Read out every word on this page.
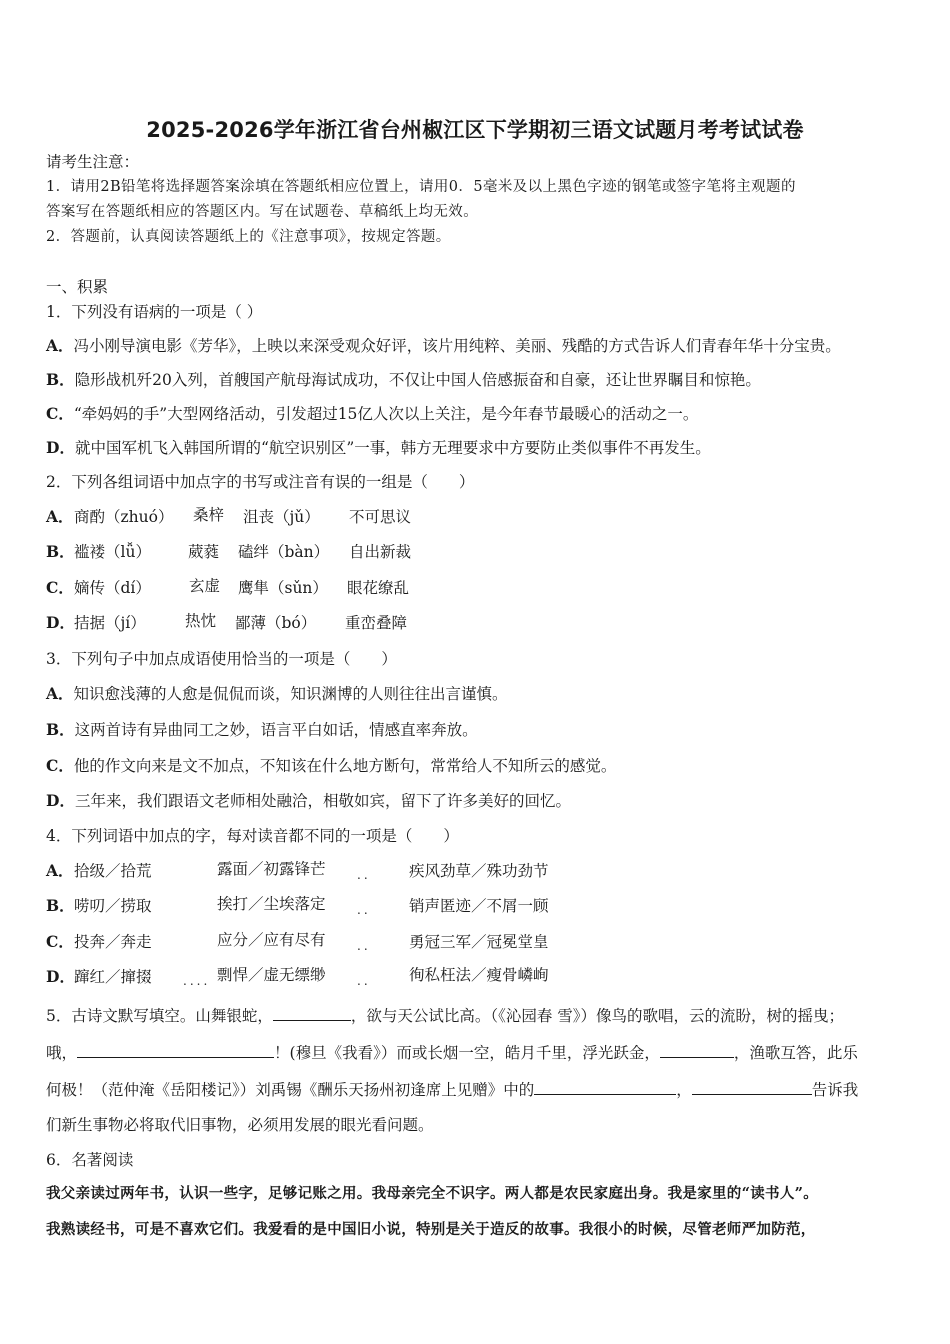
2025-2026学年浙江省台州椒江区下学期初三语文试题月考考试试卷
请考生注意：
1．请用2B铅笔将选择题答案涂填在答题纸相应位置上，请用0．5毫米及以上黑色字迹的钢笔或签字笔将主观题的
答案写在答题纸相应的答题区内。写在试题卷、草稿纸上均无效。
2．答题前，认真阅读答题纸上的《注意事项》，按规定答题。
一、积累
1．下列没有语病的一项是（ ）
A．冯小刚导演电影《芳华》，上映以来深受观众好评，该片用纯粹、美丽、残酷的方式告诉人们青春年华十分宝贵。
B．隐形战机歼20入列，首艘国产航母海试成功，不仅让中国人倍感振奋和自豪，还让世界瞩目和惊艳。
C．“牵妈妈的手”大型网络活动，引发超过15亿人次以上关注，是今年春节最暖心的活动之一。
D．就中国军机飞入韩国所谓的“航空识别区”一事，韩方无理要求中方要防止类似事件不再发生。
2．下列各组词语中加点字的书写或注音有误的一组是（　　）
A． 商酌（zhuó） 桑梓 沮丧（jǔ） 不可思议
B． 褴褛（lǚ） 葳蕤 磕绊（bàn） 自出新裁
C． 嫡传（dí） 玄虚 鹰隼（sǔn） 眼花缭乱
D． 拮据（jí）	热忱 鄙薄（bó） 重峦叠障
3．下列句子中加点成语使用恰当的一项是（　　）
A．知识愈浅薄的人愈是侃侃而谈，知识渊博的人则往往出言谨慎。
B．这两首诗有异曲同工之妙，语言平白如话，情感直率奔放。
C．他的作文向来是文不加点，不知该在什么地方断句，常常给人不知所云的感觉。
D．三年来，我们跟语文老师相处融洽，相敬如宾，留下了许多美好的回忆。
4．下列词语中加点的字，每对读音都不同的一项是（　　）
A． 拾级／拾荒	露面／初露锋芒	.. 疾风劲草／殊功劲节
B． 唠叨／捞取	挨打／尘埃落定	.. 销声匿迹／不屑一顾
C． 投奔／奔走	应分／应有尽有	.. 勇冠三军／冠冕堂皇
D． 蹿红／撺掇	.... 剽悍／虚无缥缈	.. 徇私枉法／瘦骨嶙峋
5．古诗文默写填空。山舞银蛇，	，欲与天公试比高。（《沁园春 雪》）像鸟的歌唱，云的流盼，树的摇曳；
哦，	！(穆旦《我看》）而或长烟一空，皓月千里，浮光跃金，	，渔歌互答，此乐
何极！（范仲淹《岳阳楼记》）刘禹锡《酬乐天扬州初逢席上见赠》中的	，	告诉我
们新生事物必将取代旧事物，必须用发展的眼光看问题。
6．名著阅读
我父亲读过两年书，认识一些字，足够记账之用。我母亲完全不识字。两人都是农民家庭出身。我是家里的“读书人”。
我熟读经书，可是不喜欢它们。我爱看的是中国旧小说，特别是关于造反的故事。我很小的时候，尽管老师严加防范，
